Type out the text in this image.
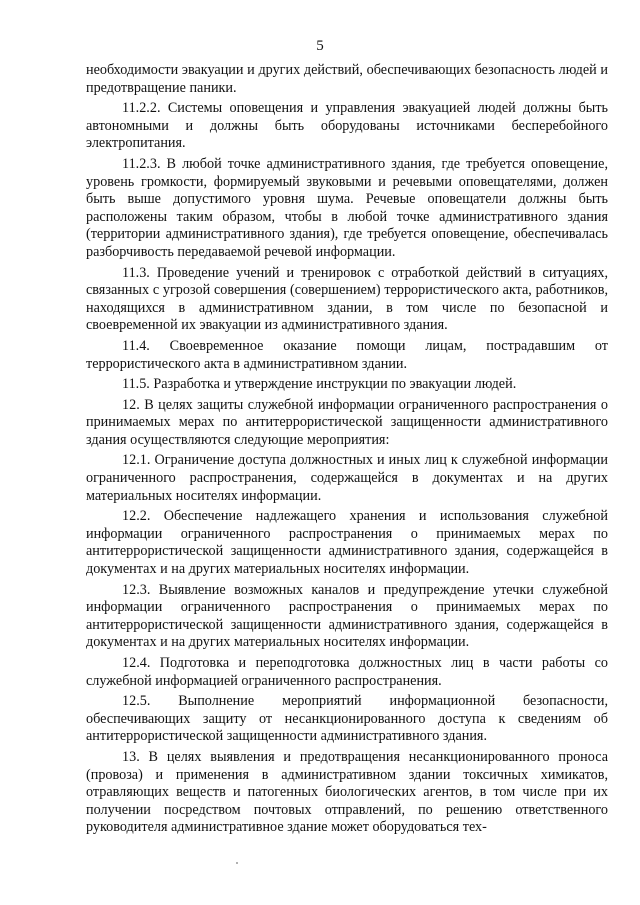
5

необходимости эвакуации и других действий, обеспечивающих безопасность людей и предотвращение паники.

11.2.2. Системы оповещения и управления эвакуацией людей должны быть автономными и должны быть оборудованы источниками бесперебойного электропитания.

11.2.3. В любой точке административного здания, где требуется оповещение, уровень громкости, формируемый звуковыми и речевыми оповещателями, должен быть выше допустимого уровня шума. Речевые оповещатели должны быть расположены таким образом, чтобы в любой точке административного здания (территории административного здания), где требуется оповещение, обеспечивалась разборчивость передаваемой речевой информации.

11.3. Проведение учений и тренировок с отработкой действий в ситуациях, связанных с угрозой совершения (совершением) террористического акта, работников, находящихся в административном здании, в том числе по безопасной и своевременной их эвакуации из административного здания.

11.4. Своевременное оказание помощи лицам, пострадавшим от террористического акта в административном здании.

11.5. Разработка и утверждение инструкции по эвакуации людей.

12. В целях защиты служебной информации ограниченного распространения о принимаемых мерах по антитеррористической защищенности административного здания осуществляются следующие мероприятия:

12.1. Ограничение доступа должностных и иных лиц к служебной информации ограниченного распространения, содержащейся в документах и на других материальных носителях информации.

12.2. Обеспечение надлежащего хранения и использования служебной информации ограниченного распространения о принимаемых мерах по антитеррористической защищенности административного здания, содержащейся в документах и на других материальных носителях информации.

12.3. Выявление возможных каналов и предупреждение утечки служебной информации ограниченного распространения о принимаемых мерах по антитеррористической защищенности административного здания, содержащейся в документах и на других материальных носителях информации.

12.4. Подготовка и переподготовка должностных лиц в части работы со служебной информацией ограниченного распространения.

12.5. Выполнение мероприятий информационной безопасности, обеспечивающих защиту от несанкционированного доступа к сведениям об антитеррористической защищенности административного здания.

13. В целях выявления и предотвращения несанкционированного проноса (провоза) и применения в административном здании токсичных химикатов, отравляющих веществ и патогенных биологических агентов, в том числе при их получении посредством почтовых отправлений, по решению ответственного руководителя административное здание может оборудоваться тех-
